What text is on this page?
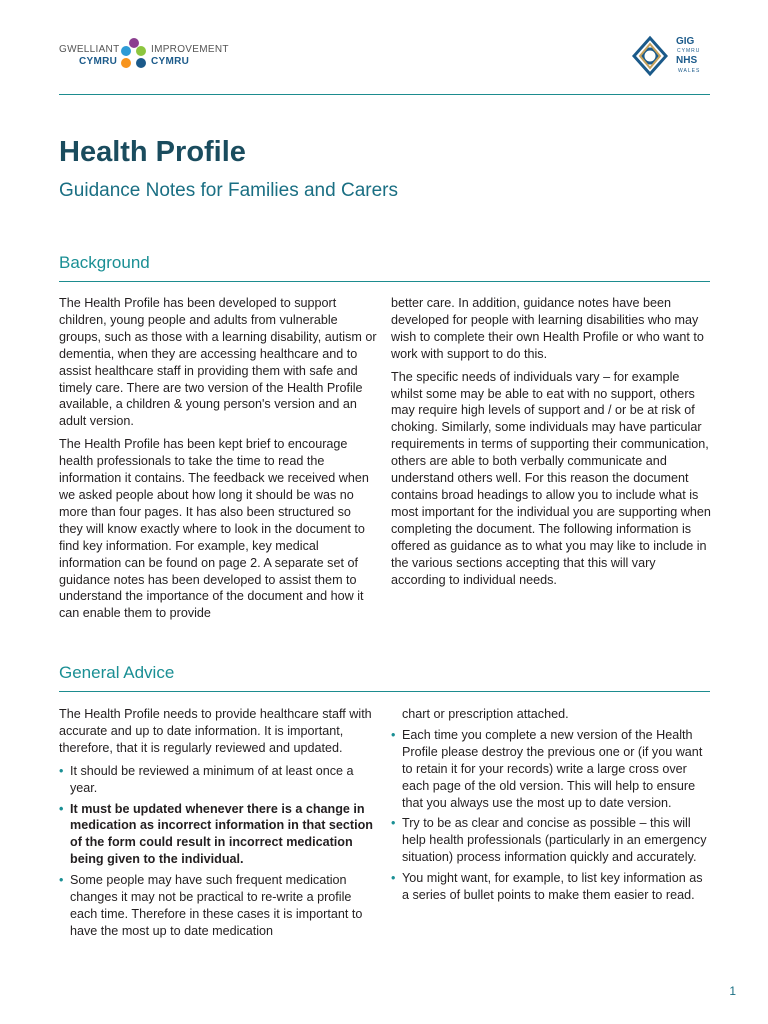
GWELLIANT
CYMRU
IMPROVEMENT
CYMRU
GIG
CYMRU
NHS
WALES
Health Profile

Guidance Notes for Families and Carers

Background

The Health Profile has been developed to support children, young people and adults from vulnerable groups, such as those with a learning disability, autism or dementia, when they are accessing healthcare and to assist healthcare staff in providing them with safe and timely care. There are two version of the Health Profile available, a children & young person's version and an adult version.

The Health Profile has been kept brief to encourage health professionals to take the time to read the information it contains. The feedback we received when we asked people about how long it should be was no more than four pages. It has also been structured so they will know exactly where to look in the document to find key information. For example, key medical information can be found on page 2. A separate set of guidance notes has been developed to assist them to understand the importance of the document and how it can enable them to provide

better care. In addition, guidance notes have been developed for people with learning disabilities who may wish to complete their own Health Profile or who want to work with support to do this.

The specific needs of individuals vary – for example whilst some may be able to eat with no support, others may require high levels of support and / or be at risk of choking. Similarly, some individuals may have particular requirements in terms of supporting their communication, others are able to both verbally communicate and understand others well. For this reason the document contains broad headings to allow you to include what is most important for the individual you are supporting when completing the document. The following information is offered as guidance as to what you may like to include in the various sections accepting that this will vary according to individual needs.

General Advice

The Health Profile needs to provide healthcare staff with accurate and up to date information. It is important, therefore, that it is regularly reviewed and updated.

• It should be reviewed a minimum of at least once a year.
• It must be updated whenever there is a change in medication as incorrect information in that section of the form could result in incorrect medication being given to the individual.
• Some people may have such frequent medication changes it may not be practical to re-write a profile each time. Therefore in these cases it is important to have the most up to date medication

chart or prescription attached.

• Each time you complete a new version of the Health Profile please destroy the previous one or (if you want to retain it for your records) write a large cross over each page of the old version. This will help to ensure that you always use the most up to date version.
• Try to be as clear and concise as possible – this will help health professionals (particularly in an emergency situation) process information quickly and accurately.
• You might want, for example, to list key information as a series of bullet points to make them easier to read.
1
